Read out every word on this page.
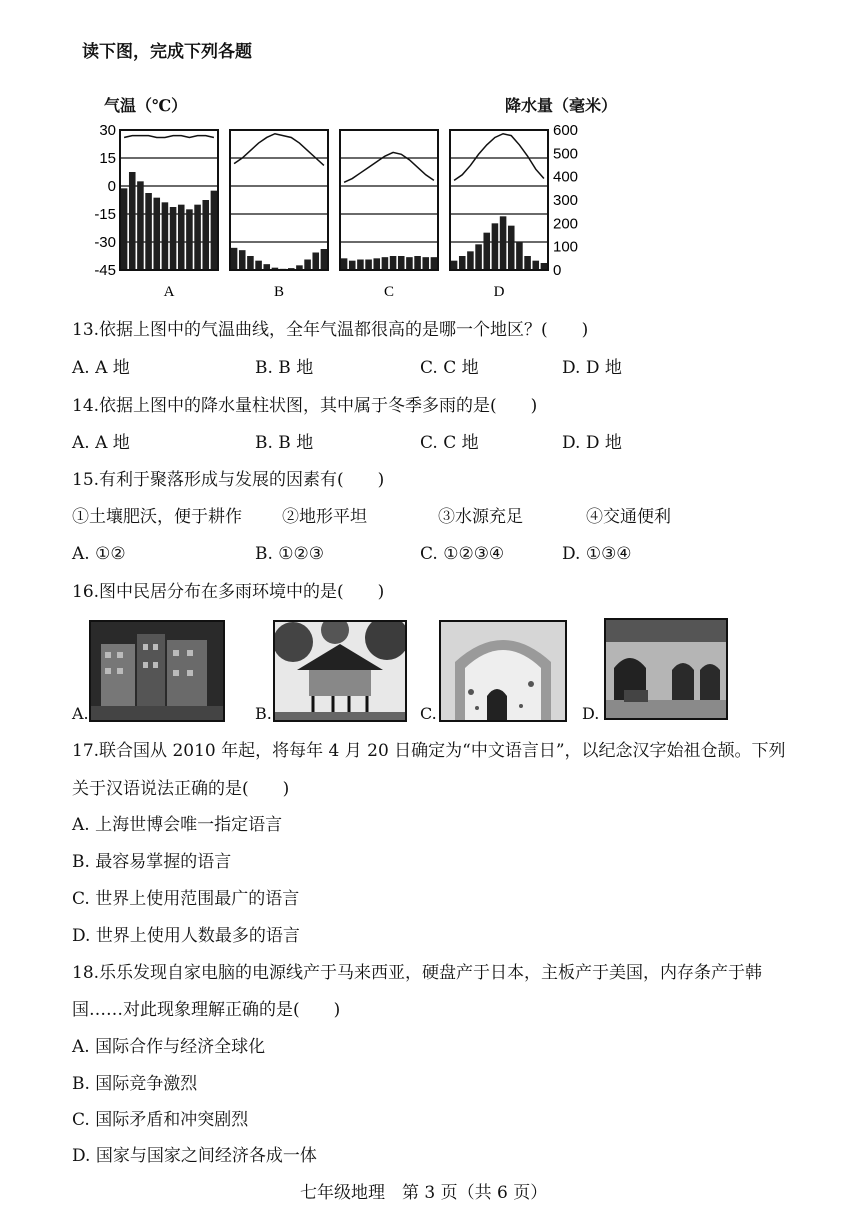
读下图，完成下列各题
气温（℃）	降水量（毫米）
30
15
0
-15
-30
-45
600
500
400
300
200
100
0
A	B	C	D
13.依据上图中的气温曲线，全年气温都很高的是哪一个地区？(　　)
A. A 地	B. B 地	C. C 地	D. D 地
14.依据上图中的降水量柱状图，其中属于冬季多雨的是(　　)
A. A 地	B. B 地	C. C 地	D. D 地
15.有利于聚落形成与发展的因素有(　　)
①土壤肥沃，便于耕作 ②地形平坦	③水源充足	④交通便利
A. ①②	B. ①②③	C. ①②③④	D. ①③④
16.图中民居分布在多雨环境中的是(　　)
A.	B.	C.	D.
17.联合国从 2010 年起，将每年 4 月 20 日确定为“中文语言日”，以纪念汉字始祖仓颉。下列
关于汉语说法正确的是(　　)
A. 上海世博会唯一指定语言
B. 最容易掌握的语言
C. 世界上使用范围最广的语言
D. 世界上使用人数最多的语言
18.乐乐发现自家电脑的电源线产于马来西亚，硬盘产于日本，主板产于美国，内存条产于韩
国……对此现象理解正确的是(　　)
A. 国际合作与经济全球化
B. 国际竞争激烈
C. 国际矛盾和冲突剧烈
D. 国家与国家之间经济各成一体
七年级地理　第 3 页（共 6 页）
